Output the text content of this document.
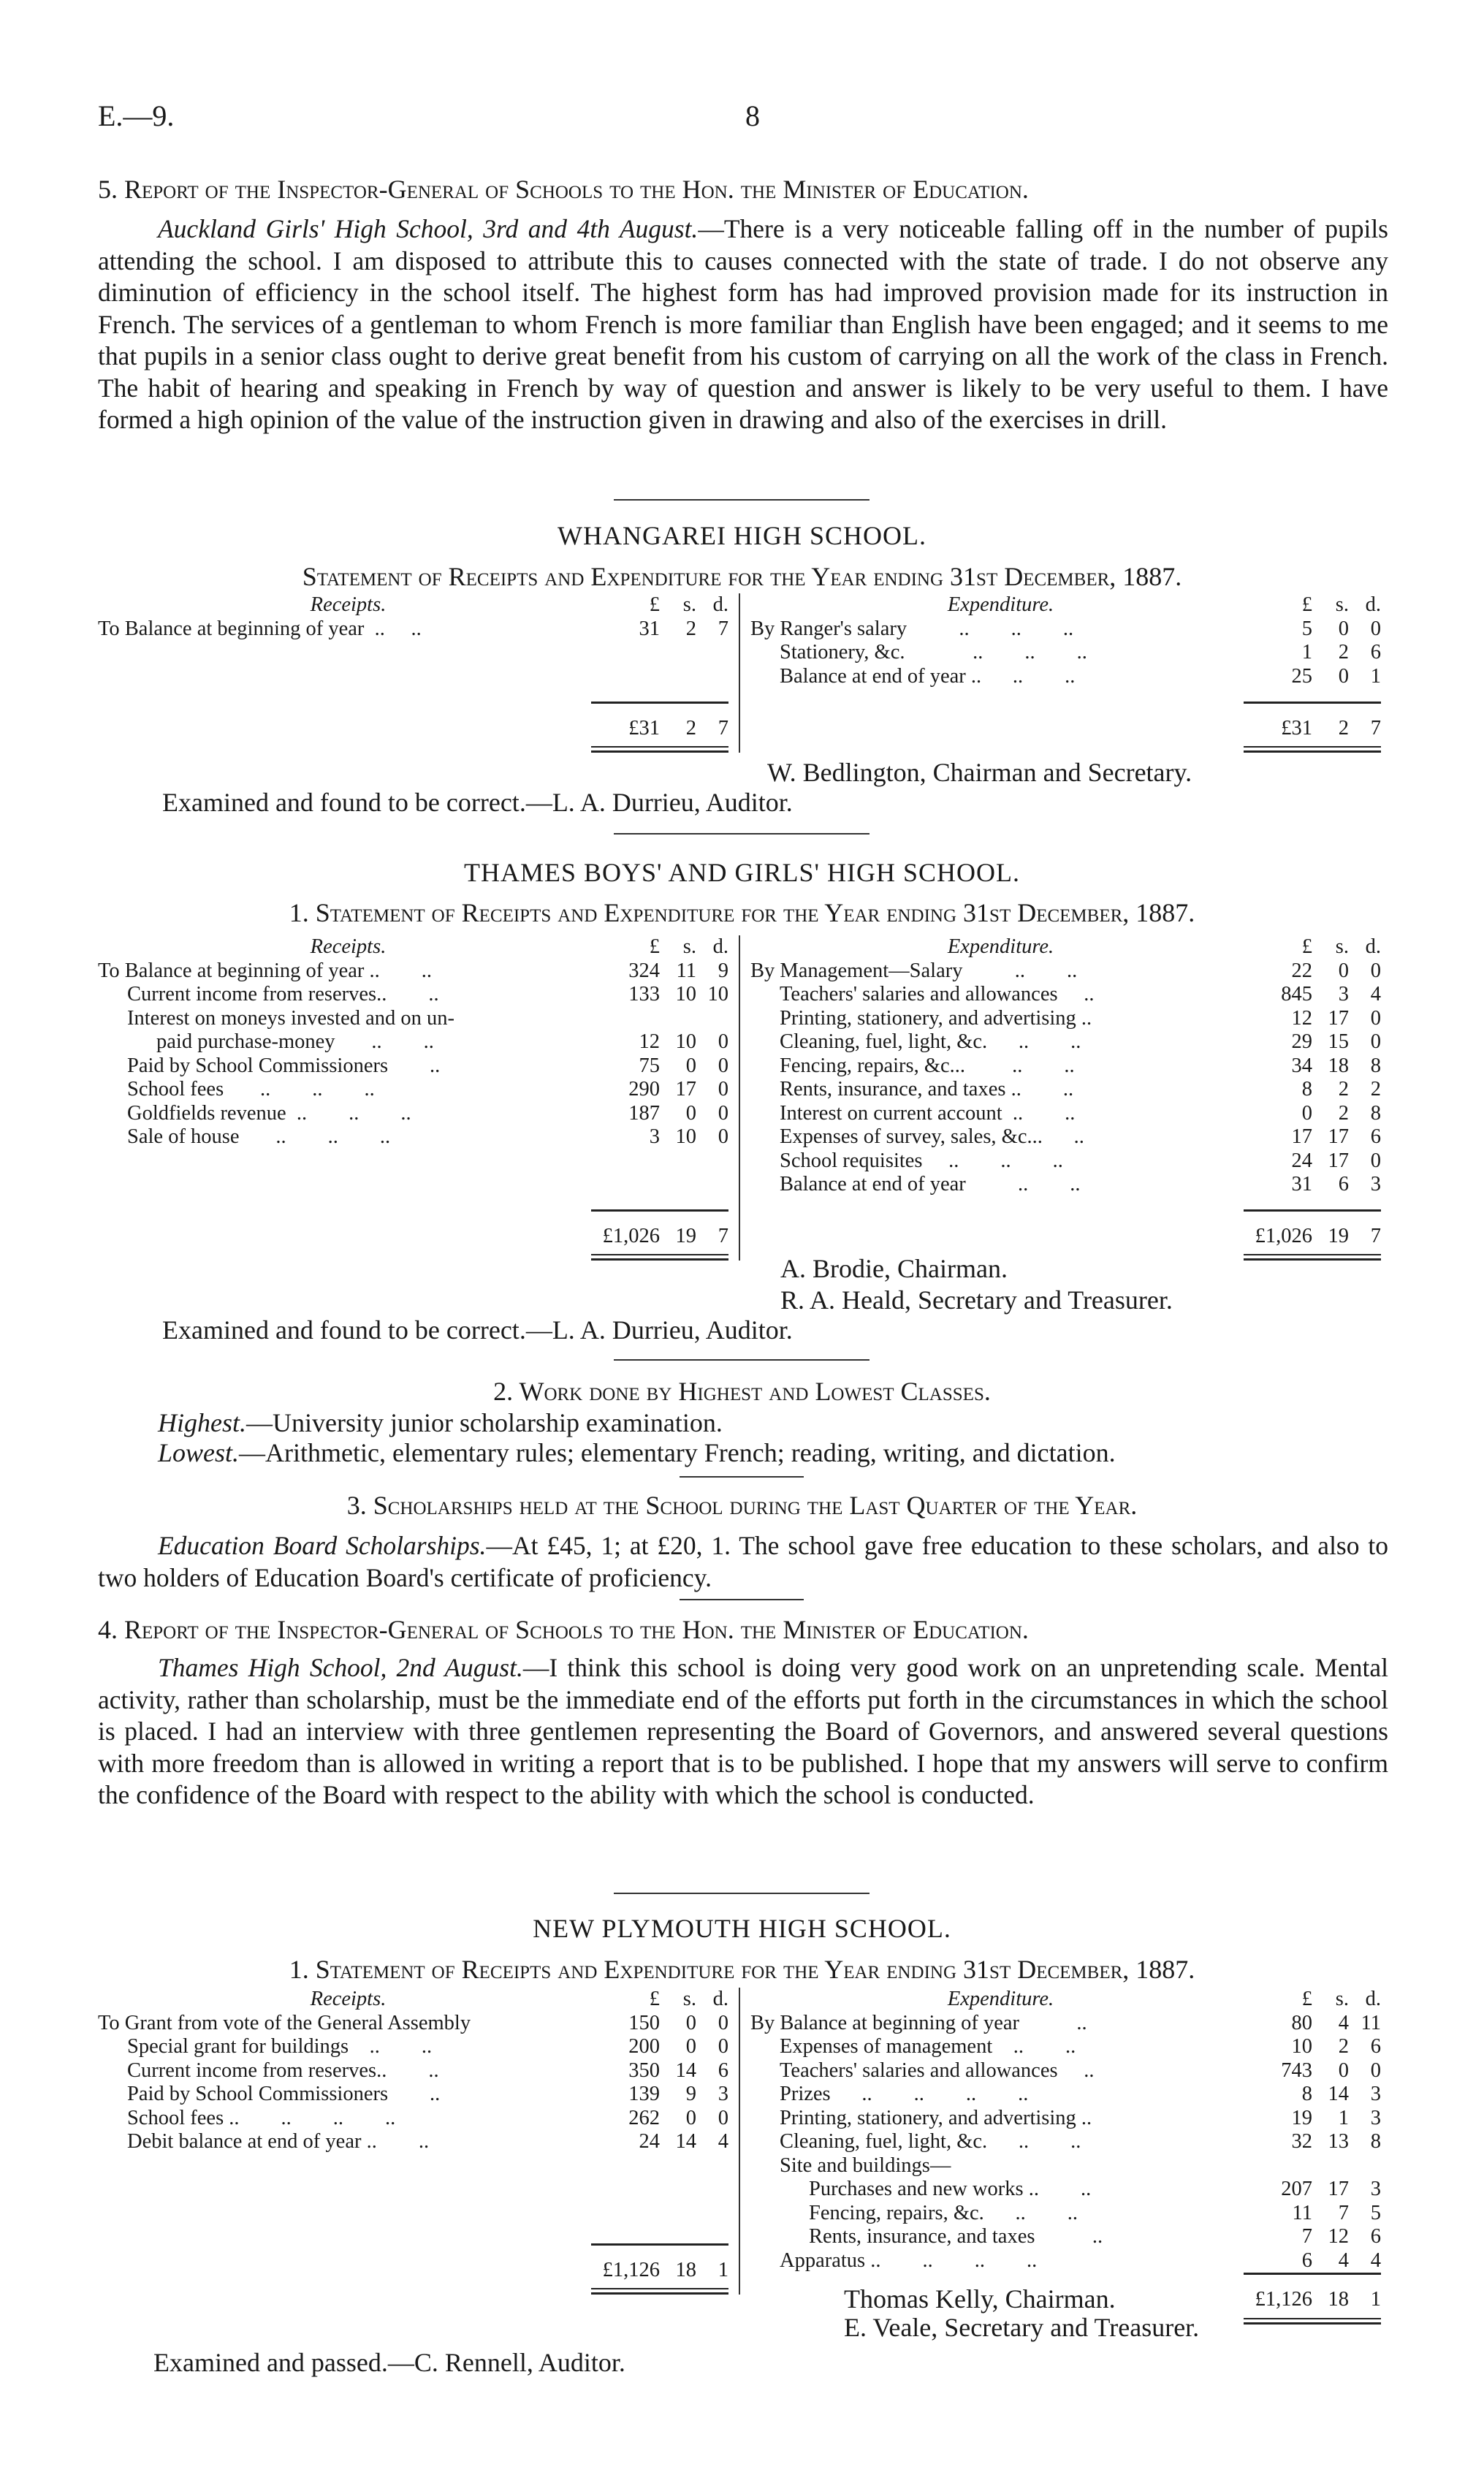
E.—9.	8
5. Report of the Inspector-General of Schools to the Hon. the Minister of Education.
Auckland Girls' High School, 3rd and 4th August.—There is a very noticeable falling off in the number of pupils attending the school. I am disposed to attribute this to causes connected with the state of trade. I do not observe any diminution of efficiency in the school itself. The highest form has had improved provision made for its instruction in French. The services of a gentleman to whom French is more familiar than English have been engaged; and it seems to me that pupils in a senior class ought to derive great benefit from his custom of carrying on all the work of the class in French. The habit of hearing and speaking in French by way of question and answer is likely to be very useful to them. I have formed a high opinion of the value of the instruction given in drawing and also of the exercises in drill.
WHANGAREI HIGH SCHOOL.
Statement of Receipts and Expenditure for the Year ending 31st December, 1887.
Receipts.	£	s. d.
To Balance at beginning of year  ..     ..	31	2	7
£31	2	7
Expenditure.	£	s. d.
By Ranger's salary          ..        ..        ..	5	0	0
Stationery, &c.             ..        ..        ..	1	2	6
Balance at end of year ..      ..        ..	25	0	1
£31	2	7
W. Bedlington, Chairman and Secretary.
Examined and found to be correct.—L. A. Durrieu, Auditor.
THAMES BOYS' AND GIRLS' HIGH SCHOOL.
1. Statement of Receipts and Expenditure for the Year ending 31st December, 1887.
Receipts.	£	s. d.
To Balance at beginning of year ..        ..	324 11	9
Current income from reserves..        ..	133 10 10
Interest on moneys invested and on un-
paid purchase-money       ..        ..	12 10	0
Paid by School Commissioners        ..	75	0	0
School fees       ..        ..        ..	290 17	0
Goldfields revenue  ..        ..        ..	187	0	0
Sale of house       ..        ..        ..	3 10	0
£1,026 19	7
Expenditure.	£	s. d.
By Management—Salary          ..        ..	22	0	0
Teachers' salaries and allowances     ..	845	3	4
Printing, stationery, and advertising ..	12 17	0
Cleaning, fuel, light, &c.      ..        ..	29 15	0
Fencing, repairs, &c...         ..        ..	34 18	8
Rents, insurance, and taxes ..        ..	8	2	2
Interest on current account  ..        ..	0	2	8
Expenses of survey, sales, &c...      ..	17 17	6
School requisites     ..        ..        ..	24 17	0
Balance at end of year          ..        ..	31	6	3
£1,026 19	7
A. Brodie, Chairman.
R. A. Heald, Secretary and Treasurer.
Examined and found to be correct.—L. A. Durrieu, Auditor.
2. Work done by Highest and Lowest Classes.
Highest.—University junior scholarship examination.
Lowest.—Arithmetic, elementary rules; elementary French; reading, writing, and dictation.
3. Scholarships held at the School during the Last Quarter of the Year.
Education Board Scholarships.—At £45, 1; at £20, 1. The school gave free education to these scholars, and also to two holders of Education Board's certificate of proficiency.
4. Report of the Inspector-General of Schools to the Hon. the Minister of Education.
Thames High School, 2nd August.—I think this school is doing very good work on an unpretending scale. Mental activity, rather than scholarship, must be the immediate end of the efforts put forth in the circumstances in which the school is placed. I had an interview with three gentlemen representing the Board of Governors, and answered several questions with more freedom than is allowed in writing a report that is to be published. I hope that my answers will serve to confirm the confidence of the Board with respect to the ability with which the school is conducted.
NEW PLYMOUTH HIGH SCHOOL.
1. Statement of Receipts and Expenditure for the Year ending 31st December, 1887.
Receipts.	£	s. d.
To Grant from vote of the General Assembly	150	0	0
Special grant for buildings    ..        ..	200	0	0
Current income from reserves..        ..	350 14	6
Paid by School Commissioners        ..	139	9	3
School fees ..        ..        ..        ..	262	0	0
Debit balance at end of year ..        ..	24 14	4
£1,126 18	1
Expenditure.	£	s. d.
By Balance at beginning of year           ..	80	4 11
Expenses of management    ..        ..	10	2	6
Teachers' salaries and allowances     ..	743	0	0
Prizes      ..        ..        ..        ..	8 14	3
Printing, stationery, and advertising ..	19	1	3
Cleaning, fuel, light, &c.      ..        ..	32 13	8
Site and buildings—
Purchases and new works ..        ..	207 17	3
Fencing, repairs, &c.      ..        ..	11	7	5
Rents, insurance, and taxes           ..	7 12	6
Apparatus ..        ..        ..        ..	6	4	4
£1,126 18	1
Thomas Kelly, Chairman.
E. Veale, Secretary and Treasurer.
Examined and passed.—C. Rennell, Auditor.
